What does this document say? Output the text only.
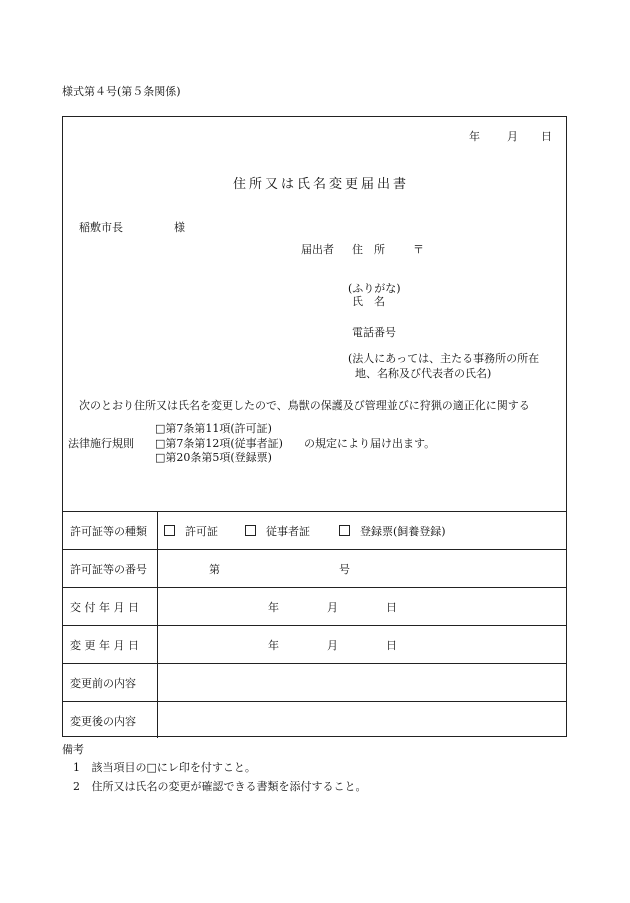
様式第４号(第５条関係)
年 月 日
住所又は氏名変更届出書
稲敷市長	様
届出者 住　所	〒
(ふりがな)
氏　名
電話番号
(法人にあっては、主たる事務所の所在
地、名称及び代表者の氏名)
次のとおり住所又は氏名を変更したので、鳥獣の保護及び管理並びに狩猟の適正化に関する
法律施行規則
□第7条第11項(許可証)
□第7条第12項(従事者証)
□第20条第5項(登録票)
の規定により届け出ます。
許可証等の種類	許可証	従事者証	登録票(飼養登録)
許可証等の番号	第	号
交 付 年 月 日	年	月	日
変 更 年 月 日	年	月	日
変更前の内容
変更後の内容
備考
1 該当項目の□にレ印を付すこと。
2 住所又は氏名の変更が確認できる書類を添付すること。
